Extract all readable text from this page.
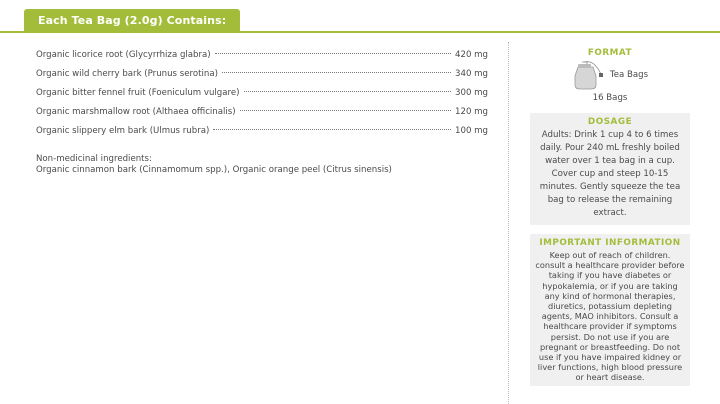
Each Tea Bag (2.0g) Contains:
Organic licorice root (Glycyrrhiza glabra)	420 mg
Organic wild cherry bark (Prunus serotina)	340 mg
Organic bitter fennel fruit (Foeniculum vulgare)	300 mg
Organic marshmallow root (Althaea officinalis)	120 mg
Organic slippery elm bark (Ulmus rubra)	100 mg
Non-medicinal ingredients:
Organic cinnamon bark (Cinnamomum spp.), Organic orange peel (Citrus sinensis)
FORMAT
Tea Bags
16 Bags
DOSAGE
Adults: Drink 1 cup 4 to 6 times daily. Pour 240 mL freshly boiled water over 1 tea bag in a cup. Cover cup and steep 10-15 minutes. Gently squeeze the tea bag to release the remaining extract.
IMPORTANT INFORMATION
Keep out of reach of children. consult a healthcare provider before taking if you have diabetes or hypokalemia, or if you are taking any kind of hormonal therapies, diuretics, potassium depleting agents, MAO inhibitors. Consult a healthcare provider if symptoms persist. Do not use if you are pregnant or breastfeeding. Do not use if you have impaired kidney or liver functions, high blood pressure or heart disease.
